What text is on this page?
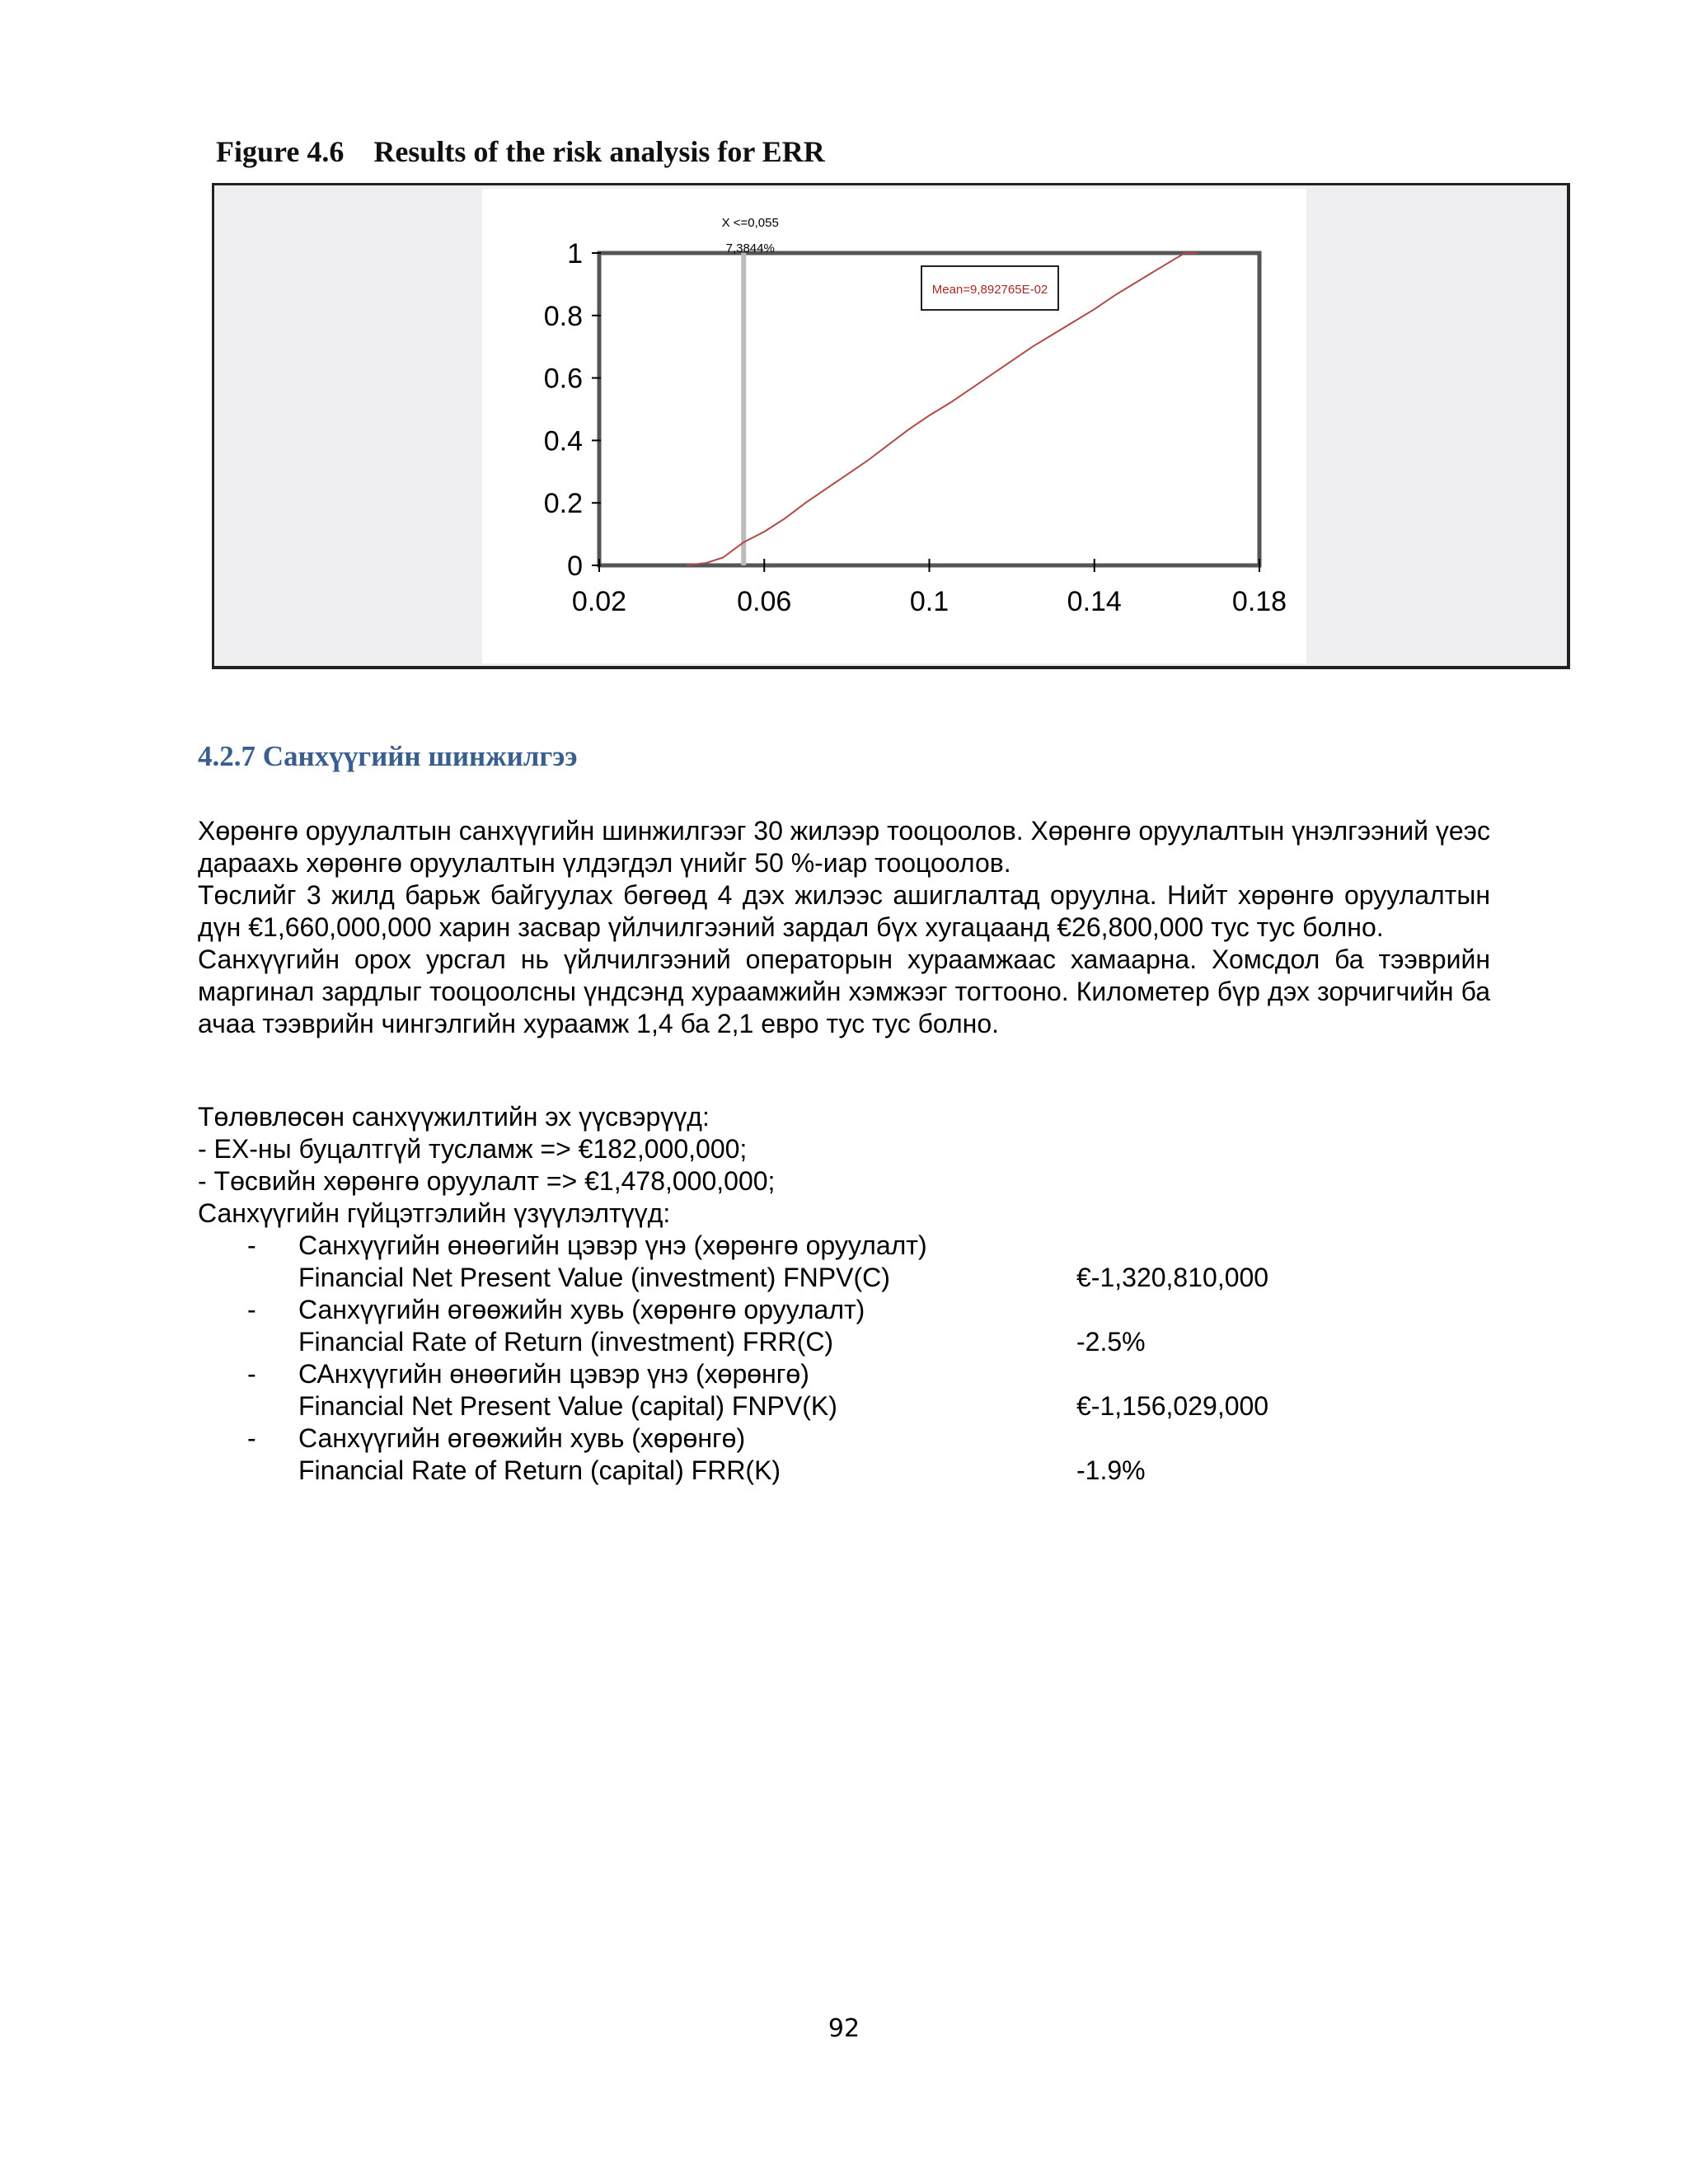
Figure 4.6    Results of the risk analysis for ERR
0.02	0.06	0.1	0.14	0.18
0
0.2
0.4
0.6
0.8
1
X <=0,055
7,3844%
Mean=9,892765E-02
4.2.7 Санхүүгийн шинжилгээ

Хөрөнгө оруулалтын санхүүгийн шинжилгээг 30 жилээр тооцоолов. Хөрөнгө оруулалтын үнэлгээний үеэс дараахь хөрөнгө оруулалтын үлдэгдэл үнийг 50 %-иар тооцоолов.

Төслийг 3 жилд барьж байгуулах бөгөөд 4 дэх жилээс ашиглалтад оруулна. Нийт хөрөнгө оруулалтын дүн €1,660,000,000 харин засвар үйлчилгээний зардал бүх хугацаанд €26,800,000 тус тус болно.

Санхүүгийн орох урсгал нь үйлчилгээний операторын хураамжаас хамаарна. Хомсдол ба тээврийн маргинал зардлыг тооцоолсны үндсэнд хураамжийн хэмжээг тогтооно. Километер бүр дэх зорчигчийн ба ачаа тээврийн чингэлгийн хураамж 1,4 ба 2,1 евро тус тус болно.

Төлөвлөсөн санхүүжилтийн эх үүсвэрүүд:

- ЕХ-ны буцалтгүй тусламж => €182,000,000;

- Төсвийн хөрөнгө оруулалт => €1,478,000,000;

Санхүүгийн гүйцэтгэлийн үзүүлэлтүүд:

- Санхүүгийн өнөөгийн цэвэр үнэ (хөрөнгө оруулалт)
Financial Net Present Value (investment) FNPV(C)	€-1,320,810,000
- Санхүүгийн өгөөжийн хувь (хөрөнгө оруулалт)
Financial Rate of Return (investment) FRR(C)	-2.5%
- САнхүүгийн өнөөгийн цэвэр үнэ (хөрөнгө)
Financial Net Present Value (capital) FNPV(K)	€-1,156,029,000
- Санхүүгийн өгөөжийн хувь (хөрөнгө)
Financial Rate of Return (capital) FRR(K)	-1.9%
92
